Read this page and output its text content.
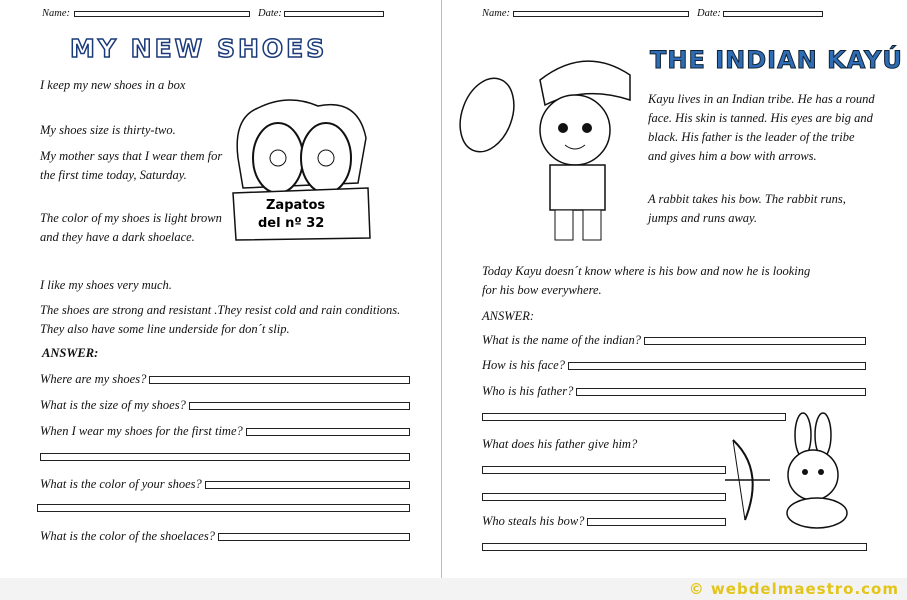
Name:	Date:
MY NEW SHOES
I keep my new shoes in a box
My shoes size is thirty-two.
My mother says that I wear them for the first time today, Saturday.
The color of my shoes is light brown and they have a dark shoelace.
I like my shoes very much.
The shoes are strong and resistant .They resist cold and rain conditions. They also have some line underside for don´t slip.
Zapatos
del nº 32
ANSWER:
Where are my shoes?
What is the size of my shoes?
When I wear my shoes for the first time?
What is the color of your shoes?
What is the color of the shoelaces?
Name:	Date:
THE INDIAN KAYÚ
Kayu lives in an Indian tribe. He has a round face. His skin is tanned. His eyes are big and black. His father is the leader of the tribe and gives him a bow with arrows.
A rabbit takes his bow. The rabbit runs, jumps and runs away.
Today Kayu doesn´t know where is his bow and now he is looking for his bow everywhere.
ANSWER:
What is the name of the indian?
How is his face?
Who is his father?
What does his father give him?
Who steals his bow?
© webdelmaestro.com
